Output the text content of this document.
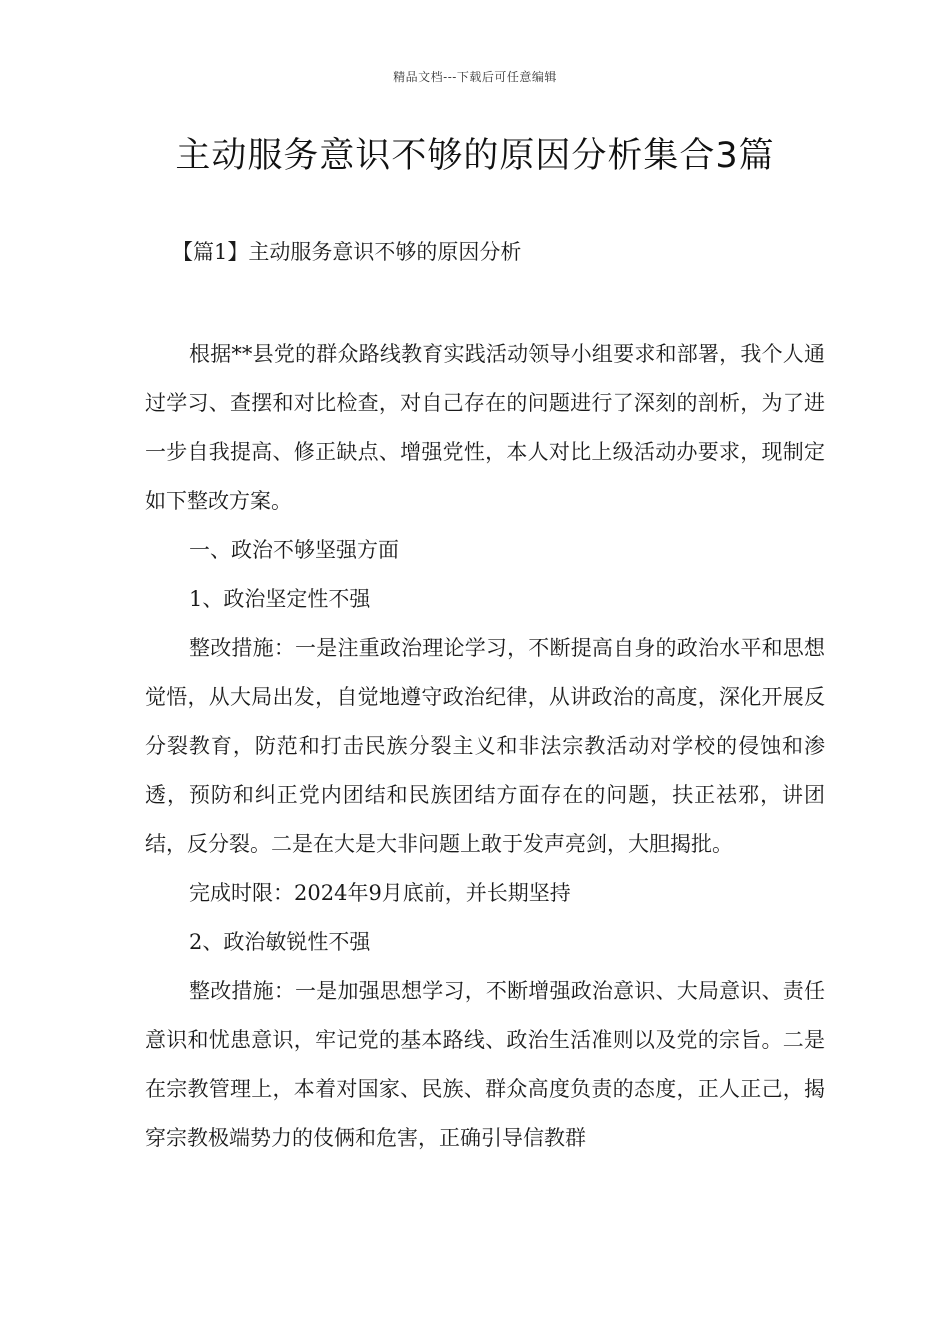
精品文档---下载后可任意编辑
主动服务意识不够的原因分析集合3篇
【篇1】主动服务意识不够的原因分析

根据**县党的群众路线教育实践活动领导小组要求和部署，我个人通过学习、查摆和对比检查，对自己存在的问题进行了深刻的剖析，为了进一步自我提高、修正缺点、增强党性，本人对比上级活动办要求，现制定如下整改方案。

一、政治不够坚强方面

1、政治坚定性不强

整改措施：一是注重政治理论学习，不断提高自身的政治水平和思想觉悟，从大局出发，自觉地遵守政治纪律，从讲政治的高度，深化开展反分裂教育，防范和打击民族分裂主义和非法宗教活动对学校的侵蚀和渗透，预防和纠正党内团结和民族团结方面存在的问题，扶正祛邪，讲团结，反分裂。二是在大是大非问题上敢于发声亮剑，大胆揭批。

完成时限：2024年9月底前，并长期坚持

2、政治敏锐性不强

整改措施：一是加强思想学习，不断增强政治意识、大局意识、责任意识和忧患意识，牢记党的基本路线、政治生活准则以及党的宗旨。二是在宗教管理上，本着对国家、民族、群众高度负责的态度，正人正己，揭穿宗教极端势力的伎俩和危害，正确引导信教群
